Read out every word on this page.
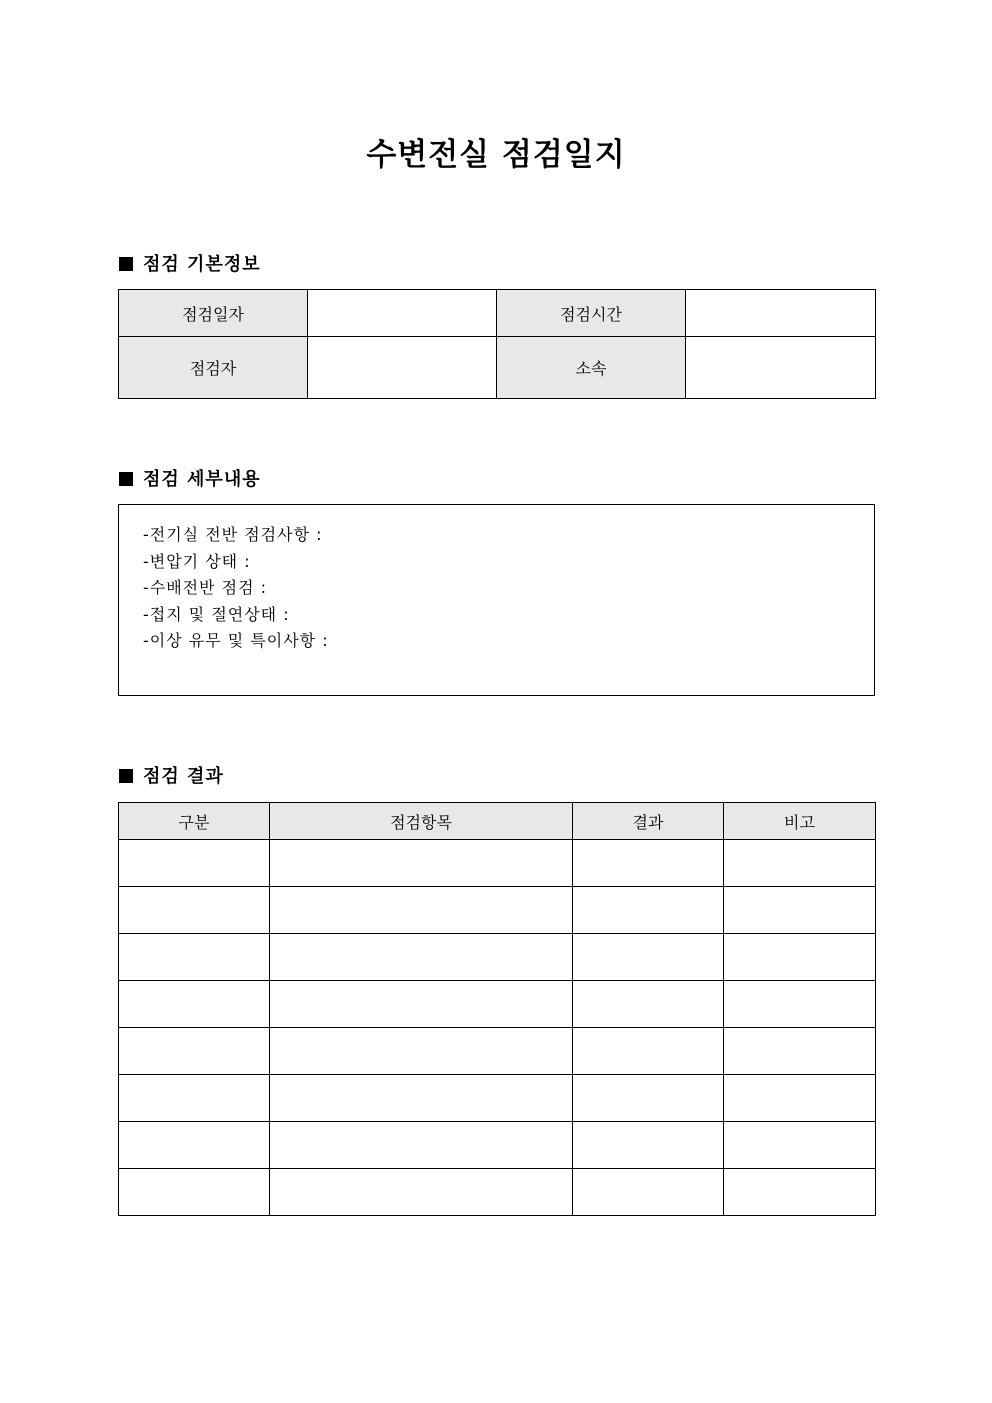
수변전실 점검일지
점검 기본정보
점검일자		점검시간	
점검자		소속	
점검 세부내용
-전기실 전반 점검사항 :
-변압기 상태 :
-수배전반 점검 :
-접지 및 절연상태 :
-이상 유무 및 특이사항 :
점검 결과
구분	점검항목	결과	비고
